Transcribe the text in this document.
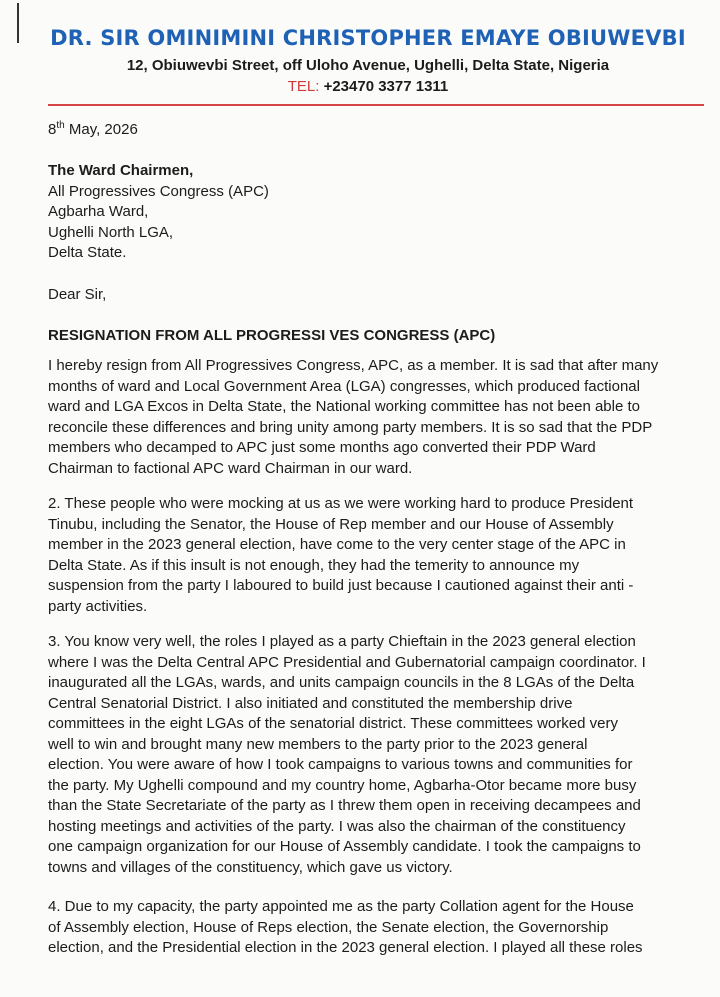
DR. SIR OMINIMINI CHRISTOPHER EMAYE OBIUWEVBI
12, Obiuwevbi Street, off Uloho Avenue, Ughelli, Delta State, Nigeria
TEL: +23470 3377 1311
8th May, 2026
The Ward Chairmen,
All Progressives Congress (APC)
Agbarha Ward,
Ughelli North LGA,
Delta State.
Dear Sir,
RESIGNATION FROM ALL PROGRESSI VES CONGRESS (APC)
I hereby resign from All Progressives Congress, APC, as a member. It is sad that after many
months of ward and Local Government Area (LGA) congresses, which produced factional
ward and LGA Excos in Delta State, the National working committee has not been able to
reconcile these differences and bring unity among party members. It is so sad that the PDP
members who decamped to APC just some months ago converted their PDP Ward
Chairman to factional APC ward Chairman in our ward.
2. These people who were mocking at us as we were working hard to produce President
Tinubu, including the Senator, the House of Rep member and our House of Assembly
member in the 2023 general election, have come to the very center stage of the APC in
Delta State. As if this insult is not enough, they had the temerity to announce my
suspension from the party I laboured to build just because I cautioned against their anti -
party activities.
3. You know very well, the roles I played as a party Chieftain in the 2023 general election
where I was the Delta Central APC Presidential and Gubernatorial campaign coordinator. I
inaugurated all the LGAs, wards, and units campaign councils in the 8 LGAs of the Delta
Central Senatorial District. I also initiated and constituted the membership drive
committees in the eight LGAs of the senatorial district. These committees worked very
well to win and brought many new members to the party prior to the 2023 general
election. You were aware of how I took campaigns to various towns and communities for
the party. My Ughelli compound and my country home, Agbarha-Otor became more busy
than the State Secretariate of the party as I threw them open in receiving decampees and
hosting meetings and activities of the party. I was also the chairman of the constituency
one campaign organization for our House of Assembly candidate. I took the campaigns to
towns and villages of the constituency, which gave us victory.
4. Due to my capacity, the party appointed me as the party Collation agent for the House
of Assembly election, House of Reps election, the Senate election, the Governorship
election, and the Presidential election in the 2023 general election. I played all these roles
